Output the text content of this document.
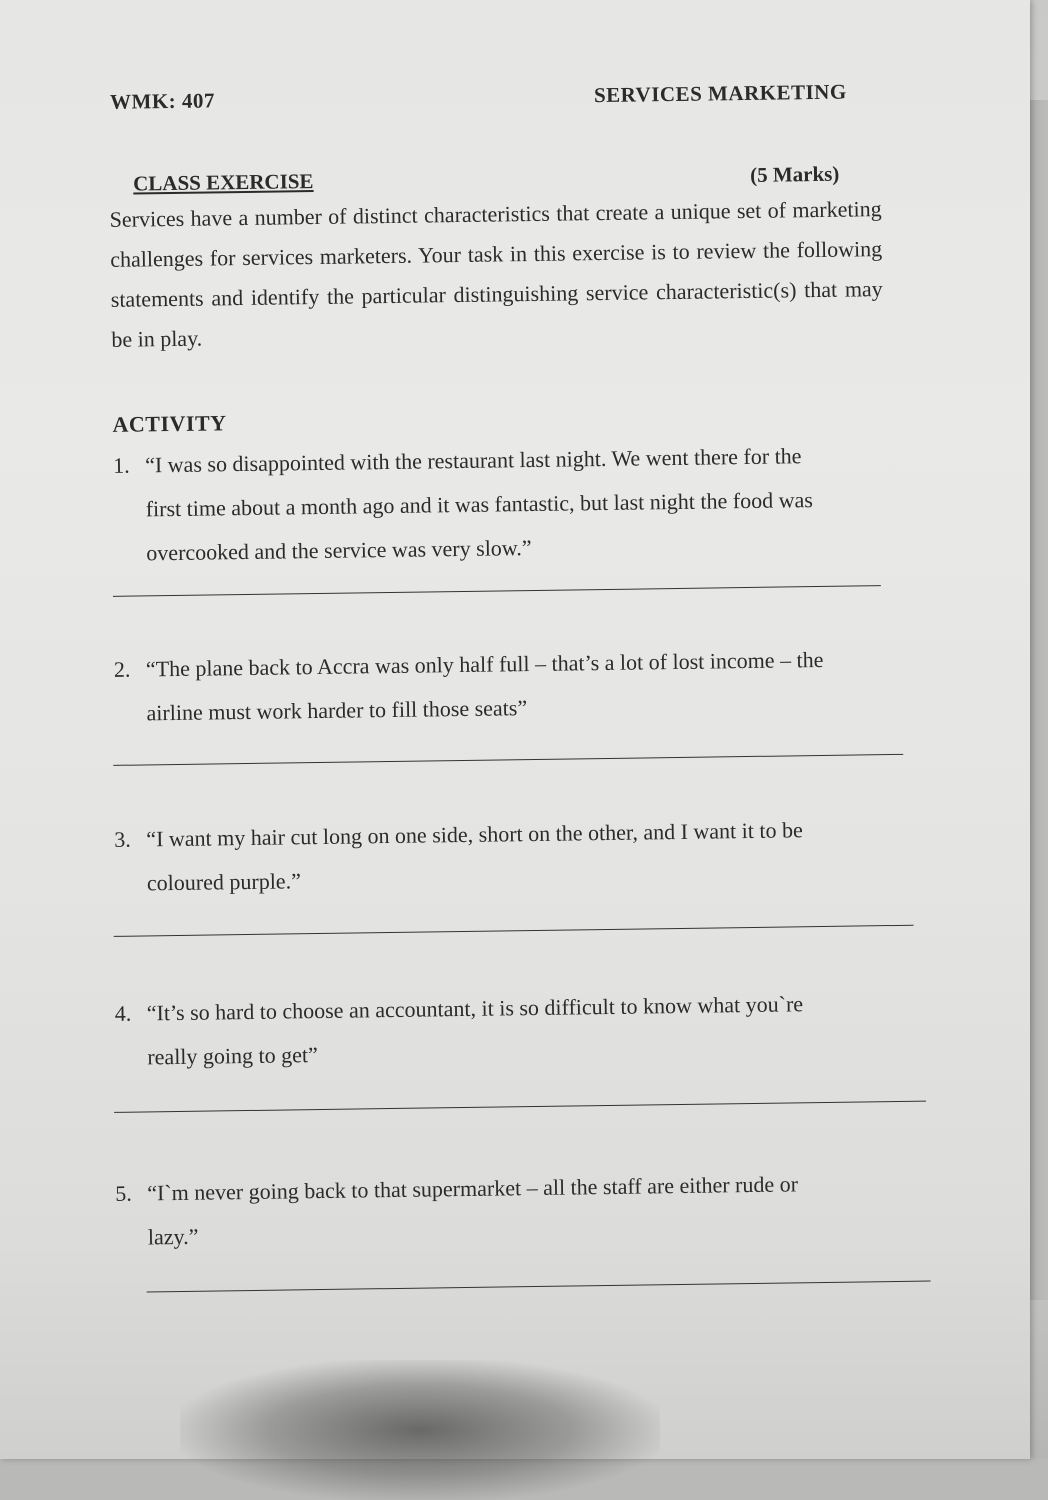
WMK: 407	SERVICES MARKETING
CLASS EXERCISE	(5 Marks)
Services have a number of distinct characteristics that create a unique set of marketing challenges for services marketers. Your task in this exercise is to review the following statements and identify the particular distinguishing service characteristic(s) that may be in play.
ACTIVITY
1. “I was so disappointed with the restaurant last night. We went there for the
first time about a month ago and it was fantastic, but last night the food was
overcooked and the service was very slow.”
2. “The plane back to Accra was only half full – that’s a lot of lost income – the
airline must work harder to fill those seats”
3. “I want my hair cut long on one side, short on the other, and I want it to be
coloured purple.”
4. “It’s so hard to choose an accountant, it is so difficult to know what you`re
really going to get”
5. “I`m never going back to that supermarket – all the staff are either rude or
lazy.”
